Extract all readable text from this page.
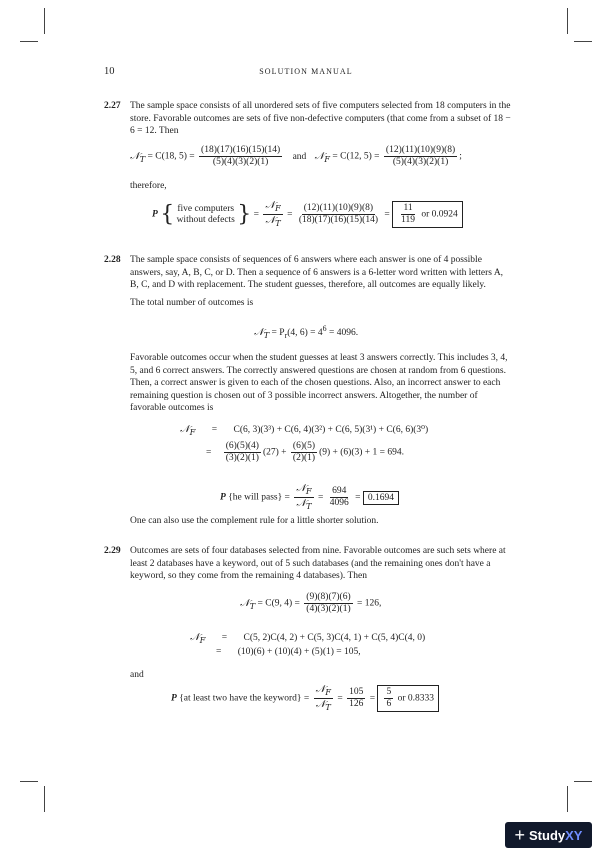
10	SOLUTION MANUAL
2.27 The sample space consists of all unordered sets of five computers selected from 18 computers in the store. Favorable outcomes are sets of five non-defective computers (that come from a subset of 18 − 6 = 12. Then
𝒩$_T$ = C(18, $5) = \frac{(18)(17)(16)(15)(14)}{(5)(4)(3)(2)(1)}$ and 𝒩$_F$ = C(12, $5) = \frac{(12)(11)(10)(9)(8)}{(5)(4)(3)(2)(1)}$ ;
therefore,
P { five computers
without defects } = $\frac{𝒩_F}{𝒩_T} = \frac{(12)(11)(10)(9)(8)}{(18)(17)(16)(15)(14)} = \frac{11}{119}$ or 0.0924
2.28 The sample space consists of sequences of 6 answers where each answer is one of 4 possible answers, say, A, B, C, or D. Then a sequence of 6 answers is a 6-letter word written with letters A, B, C, and D with replacement. The student guesses, therefore, all outcomes are equally likely.
The total number of outcomes is
𝒩$_T$ = $P_r(4$, $6) = 4^6 = 4096$.
Favorable outcomes occur when the student guesses at least 3 answers correctly. This includes 3, 4, 5, and 6 correct answers. The correctly answered questions are chosen at random from 6 questions. Then, a correct answer is given to each of the chosen questions. Also, an incorrect answer to each remaining question is chosen out of 3 possible incorrect answers. Altogether, the number of favorable outcomes is
𝒩$_F$ = C(6, 3)(3³) + C(6, 4)(3²) + C(6, 5)(3¹) + C(6, 6)(3⁰)
= $\frac{(6)(5)(4)}{(3)(2)(1)} (27) + \frac{(6)(5)}{(2)(1)} (9) + (6)(3) + 1 = 694$.
P {he will pass} = $\frac{𝒩_F}{𝒩_T} = \frac{694}{4096} = 0.1694$
One can also use the complement rule for a little shorter solution.
2.29 Outcomes are sets of four databases selected from nine. Favorable outcomes are such sets where at least 2 databases have a keyword, out of 5 such databases (and the remaining ones don't have a keyword, so they come from the remaining 4 databases). Then
𝒩$_T$ = C(9, $4) = \frac{(9)(8)(7)(6)}{(4)(3)(2)(1)} = 126$,
𝒩$_F$ = C(5, 2)C(4, 2) + C(5, 3)C(4, 1) + C(5, 4)C(4, 0)
= (10)(6) + (10)(4) + (5)(1) = 105,
and
P {at least two have the keyword} = $\frac{𝒩_F}{𝒩_T} = \frac{105}{126} = \frac{5}{6}$ or 0.8333
+ Study XY
